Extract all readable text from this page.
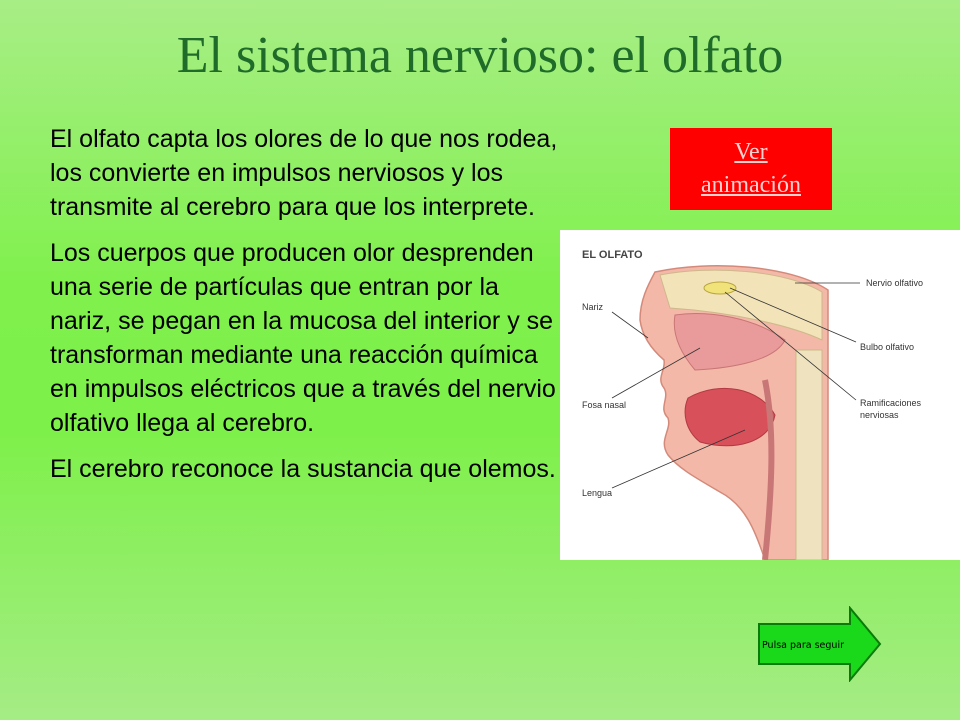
El sistema nervioso: el olfato

El olfato capta los olores de lo que nos rodea, los convierte en impulsos nerviosos y los transmite al cerebro para que los interprete.

Los cuerpos que producen olor desprenden una serie de partículas que entran por la nariz, se pegan en la mucosa del interior y se transforman mediante una reacción química en impulsos eléctricos que a través del nervio olfativo llega al cerebro.

El cerebro reconoce la sustancia que olemos.

Ver
animación
EL OLFATO
Nariz
Fosa nasal
Lengua
Nervio olfativo
Bulbo olfativo
Ramificaciones
nerviosas
Pulsa para seguir
